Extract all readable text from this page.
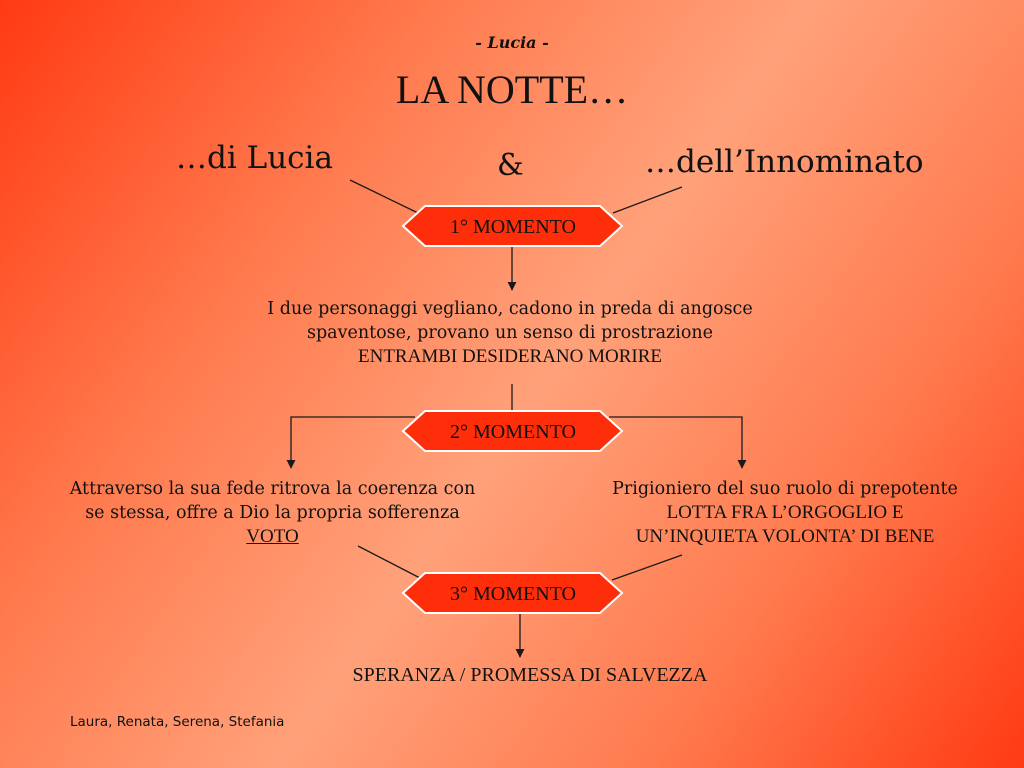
- Lucia -
LA NOTTE…
…di Lucia	&	…dell’Innominato
1° MOMENTO
2° MOMENTO
3° MOMENTO
I due personaggi vegliano, cadono in preda di angosce
spaventose, provano un senso di prostrazione
ENTRAMBI DESIDERANO MORIRE
Attraverso la sua fede ritrova la coerenza con
se stessa, offre a Dio la propria sofferenza
VOTO
Prigioniero del suo ruolo di prepotente
LOTTA FRA L’ORGOGLIO E
UN’INQUIETA VOLONTA’ DI BENE
SPERANZA / PROMESSA DI SALVEZZA
Laura, Renata, Serena, Stefania
